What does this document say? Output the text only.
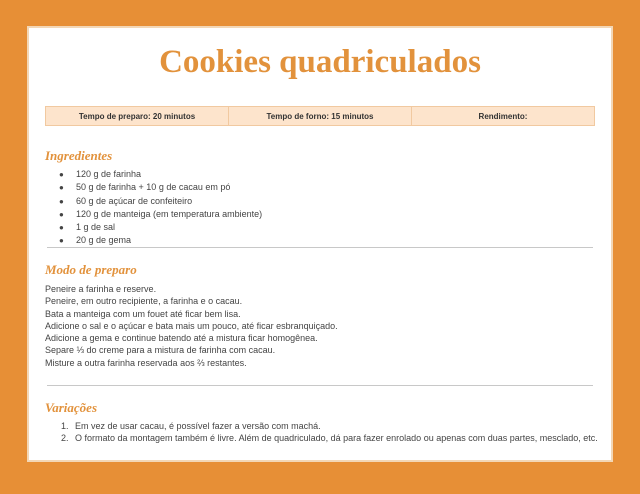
Cookies quadriculados
Tempo de preparo: 20 minutos	Tempo de forno: 15 minutos	Rendimento:
Ingredientes
● 120 g de farinha
● 50 g de farinha + 10 g de cacau em pó
● 60 g de açúcar de confeiteiro
● 120 g de manteiga (em temperatura ambiente)
● 1 g de sal
● 20 g de gema
Modo de preparo
Peneire a farinha e reserve.
Peneire, em outro recipiente, a farinha e o cacau.
Bata a manteiga com um fouet até ficar bem lisa.
Adicione o sal e o açúcar e bata mais um pouco, até ficar esbranquiçado.
Adicione a gema e continue batendo até a mistura ficar homogênea.
Separe ⅓ do creme para a mistura de farinha com cacau.
Misture a outra farinha reservada aos ⅔ restantes.
Variações
1. Em vez de usar cacau, é possível fazer a versão com machá.
2. O formato da montagem também é livre. Além de quadriculado, dá para fazer enrolado ou apenas com duas partes, mesclado, etc.
